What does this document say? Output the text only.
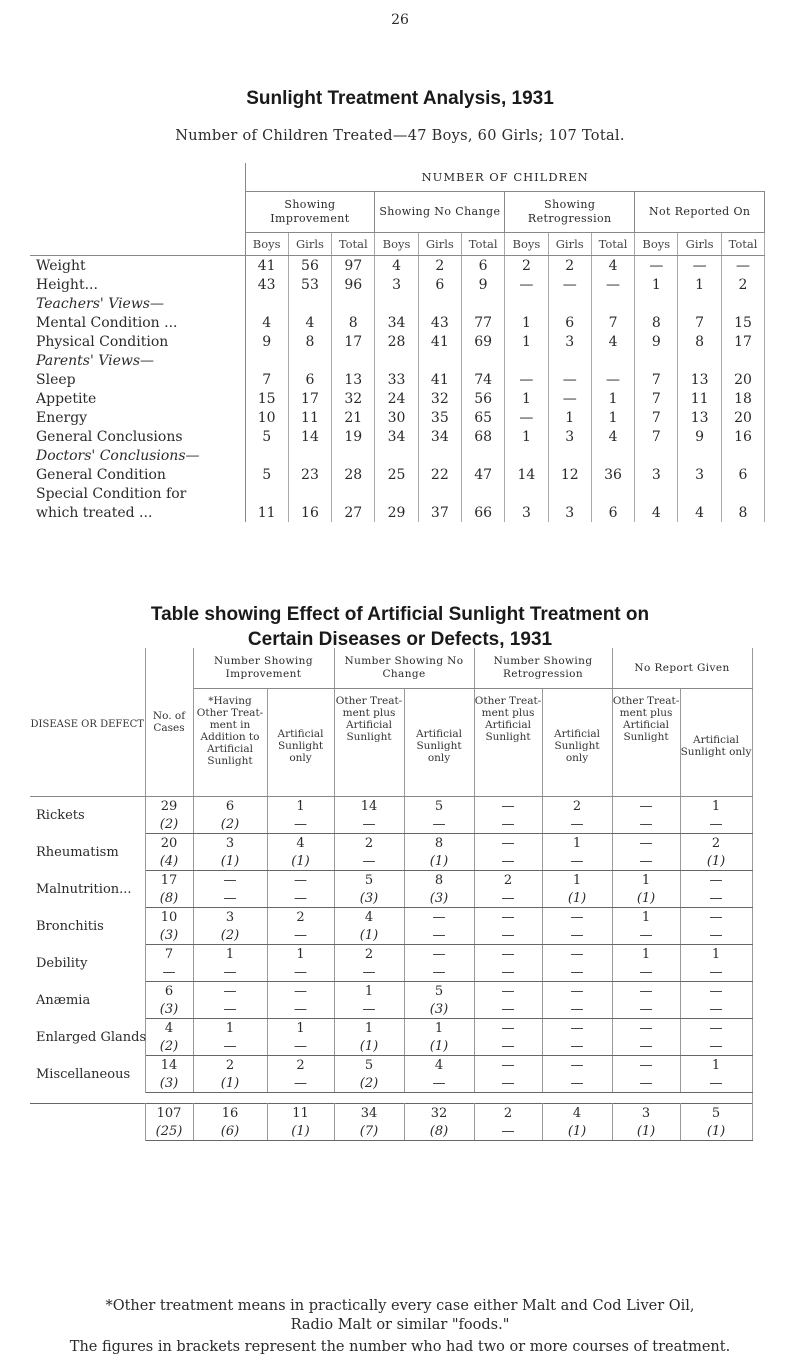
26
Sunlight Treatment Analysis, 1931
Number of Children Treated—47 Boys, 60 Girls; 107 Total.
	NUMBER OF CHILDREN											
	Showing Improvement			Showing No Change			Showing Retrogression			Not Reported On		
	Boys	Girls	Total	Boys	Girls	Total	Boys	Girls	Total	Boys	Girls	Total
Weight	41	56	97	4	2	6	2	2	4	—	—	—
Height...	43	53	96	3	6	9	—	—	—	1	1	2
Teachers' Views—												
Mental Condition ...	4	4	8	34	43	77	1	6	7	8	7	15
Physical Condition	9	8	17	28	41	69	1	3	4	9	8	17
Parents' Views—												
Sleep	7	6	13	33	41	74	—	—	—	7	13	20
Appetite	15	17	32	24	32	56	1	—	1	7	11	18
Energy	10	11	21	30	35	65	—	1	1	7	13	20
General Conclusions	5	14	19	34	34	68	1	3	4	7	9	16
Doctors' Conclusions—												
General Condition	5	23	28	25	22	47	14	12	36	3	3	6
Special Condition for												
which treated ...	11	16	27	29	37	66	3	3	6	4	4	8

Table showing Effect of Artificial Sunlight Treatment on
Certain Diseases or Defects, 1931
DISEASE OR DEFECT	No. of Cases	Number Showing Improvement		Number Showing No Change		Number Showing Retrogression		No Report Given	
		*Having Other Treat- ment in Addition to Artificial Sunlight	Artificial Sunlight only	Other Treat- ment plus Artificial Sunlight	Artificial Sunlight only	Other Treat- ment plus Artificial Sunlight	Artificial Sunlight only	Other Treat- ment plus Artificial Sunlight	Artificial Sunlight only
Rickets	29	6	1	14	5	—	2	—	1
	(2)	(2)	—	—	—	—	—	—	—
Rheumatism	20	3	4	2	8	—	1	—	2
	(4)	(1)	(1)	—	(1)	—	—	—	(1)
Malnutrition...	17	—	—	5	8	2	1	1	—
	(8)	—	—	(3)	(3)	—	(1)	(1)	—
Bronchitis	10	3	2	4	—	—	—	1	—
	(3)	(2)	—	(1)	—	—	—	—	—
Debility	7	1	1	2	—	—	—	1	1
	—	—	—	—	—	—	—	—	—
Anæmia	6	—	—	1	5	—	—	—	—
	(3)	—	—	—	(3)	—	—	—	—
Enlarged Glands	4	1	1	1	1	—	—	—	—
	(2)	—	—	(1)	(1)	—	—	—	—
Miscellaneous	14	2	2	5	4	—	—	—	1
	(3)	(1)	—	(2)	—	—	—	—	—

	107	16	11	34	32	2	4	3	5
	(25)	(6)	(1)	(7)	(8)	—	(1)	(1)	(1)
*Other treatment means in practically every case either Malt and Cod Liver Oil,
Radio Malt or similar "foods."
The figures in brackets represent the number who had two or more courses of treatment.
